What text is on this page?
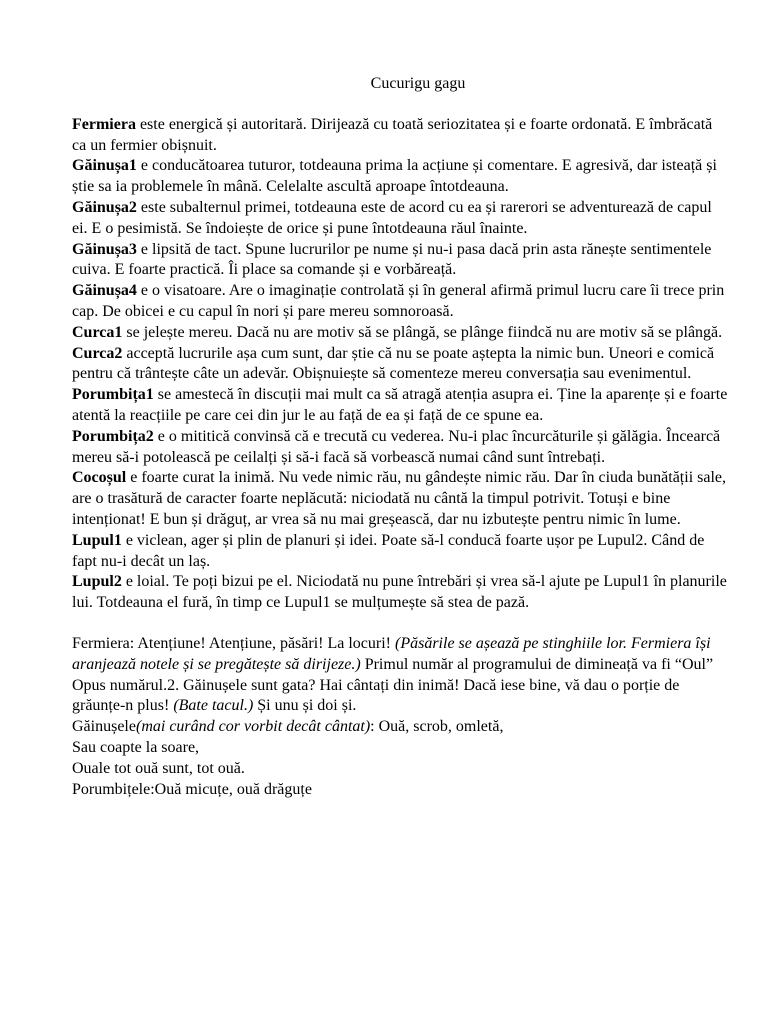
Cucurigu gagu

Fermiera este energică și autoritară. Dirijează cu toată seriozitatea și e foarte ordonată. E îmbrăcată ca un fermier obișnuit.

Găinușa1 e conducătoarea tuturor, totdeauna prima la acțiune și comentare. E agresivă, dar isteață și știe sa ia problemele în mână. Celelalte ascultă aproape întotdeauna.

Găinușa2 este subalternul primei, totdeauna este de acord cu ea și rarerori se adventurează de capul ei. E o pesimistă. Se îndoiește de orice și pune întotdeauna răul înainte.

Găinușa3 e lipsită de tact. Spune lucrurilor pe nume și nu-i pasa dacă prin asta rănește sentimentele cuiva. E foarte practică. Îi place sa comande și e vorbăreață.

Găinușa4 e o visatoare. Are o imaginație controlată și în general afirmă primul lucru care îi trece prin cap. De obicei e cu capul în nori și pare mereu somnoroasă.

Curca1 se jelește mereu. Dacă nu are motiv să se plângă, se plânge fiindcă nu are motiv să se plângă.

Curca2 acceptă lucrurile așa cum sunt, dar știe că nu se poate aștepta la nimic bun. Uneori e comică pentru că trântește câte un adevăr. Obișnuiește să comenteze mereu conversația sau evenimentul.

Porumbița1 se amestecă în discuții mai mult ca să atragă atenția asupra ei. Ține la aparențe și e foarte atentă la reacțiile pe care cei din jur le au față de ea și față de ce spune ea.

Porumbița2 e o mititică convinsă că e trecută cu vederea. Nu-i plac încurcăturile și gălăgia. Încearcă mereu să-i potolească pe ceilalți și să-i facă să vorbească numai când sunt întrebați.

Cocoșul e foarte curat la inimă. Nu vede nimic rău, nu gândește nimic rău. Dar în ciuda bunătății sale, are o trasătură de caracter foarte neplăcută: niciodată nu cântă la timpul potrivit. Totuși e bine intenționat! E bun și drăguț, ar vrea să nu mai greșească, dar nu izbutește pentru nimic în lume.

Lupul1 e viclean, ager și plin de planuri și idei. Poate să-l conducă foarte ușor pe Lupul2. Când de fapt nu-i decât un laș.

Lupul2 e loial. Te poți bizui pe el. Niciodată nu pune întrebări și vrea să-l ajute pe Lupul1 în planurile lui. Totdeauna el fură, în timp ce Lupul1 se mulțumește să stea de pază.

Fermiera: Atențiune! Atențiune, păsări! La locuri! (Păsările se așează pe stinghiile lor. Fermiera își aranjează notele și se pregătește să dirijeze.) Primul număr al programului de dimineață va fi “Oul” Opus numărul.2. Găinușele sunt gata? Hai cântați din inimă! Dacă iese bine, vă dau o porție de grăunțe-n plus! (Bate tacul.) Și unu și doi și.

Găinușele(mai curând cor vorbit decât cântat): Ouă, scrob, omletă,

Sau coapte la soare,

Ouale tot ouă sunt, tot ouă.

Porumbițele:Ouă micuțe, ouă drăguțe
